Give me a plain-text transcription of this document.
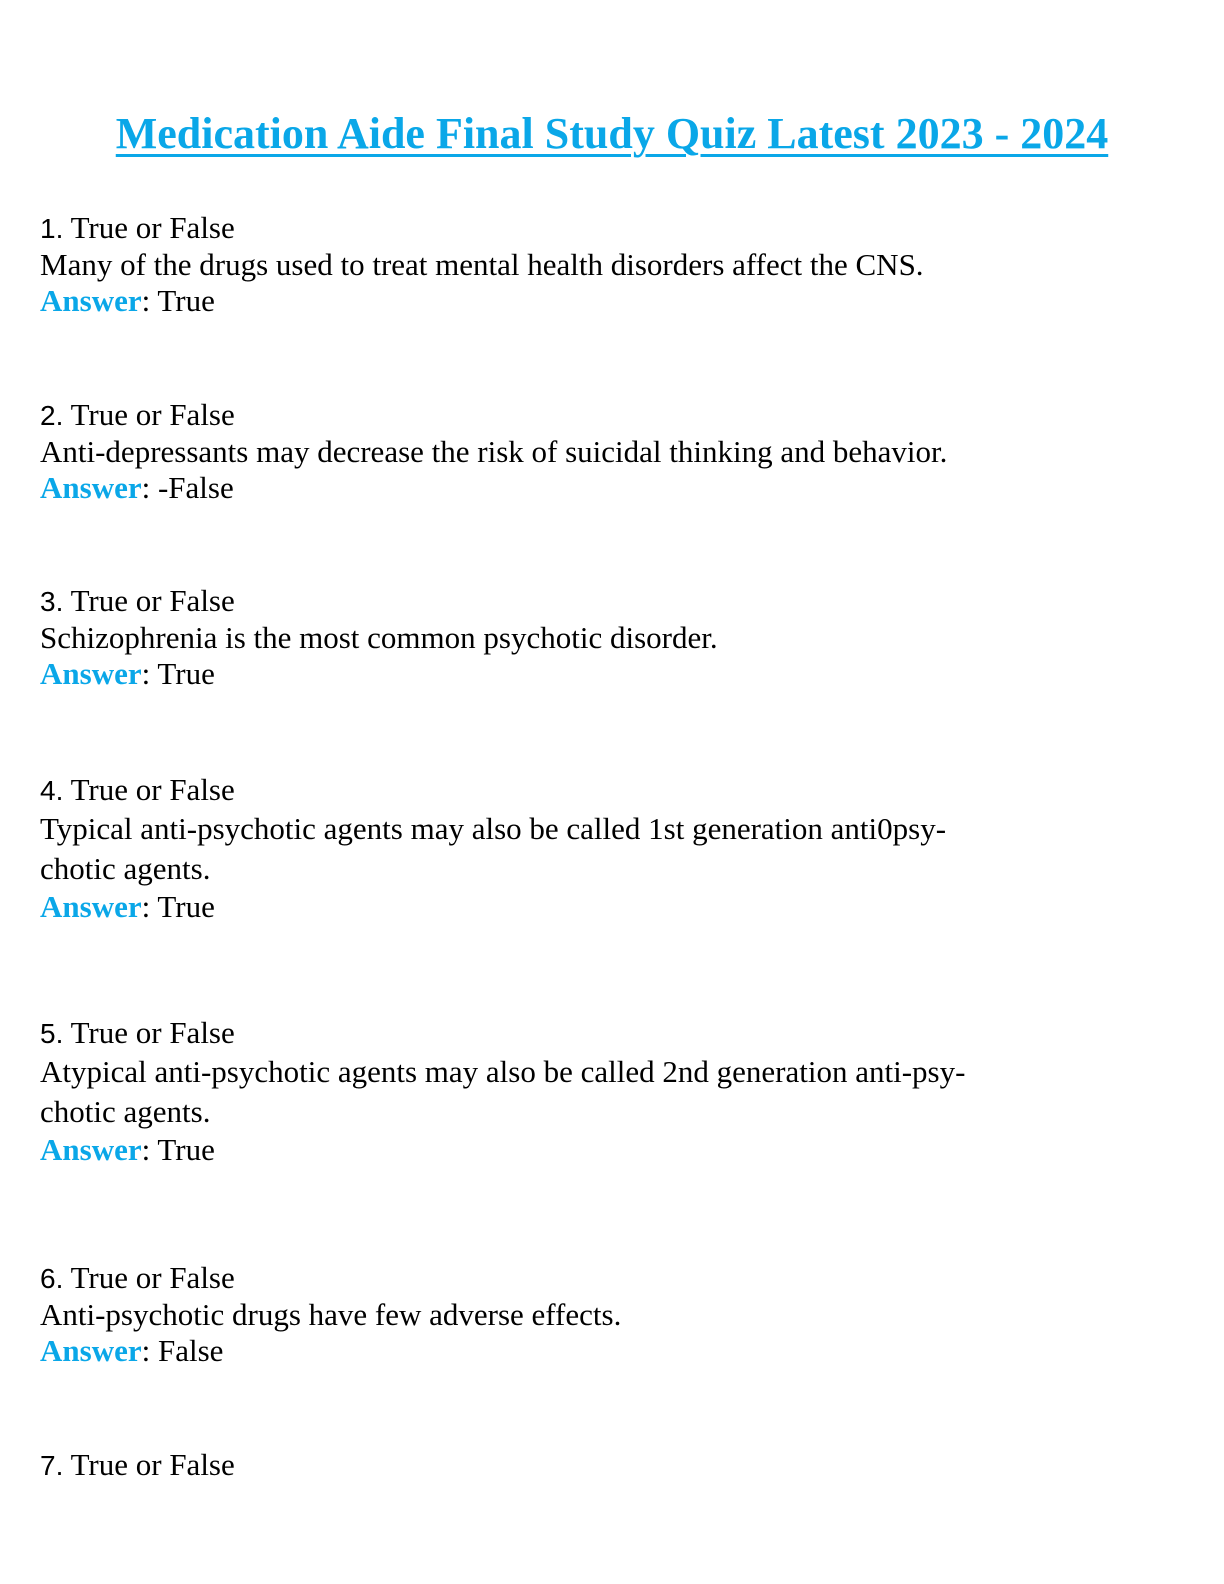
Medication Aide Final Study Quiz Latest 2023 - 2024
1. True or False
Many of the drugs used to treat mental health disorders affect the CNS.
Answer: True
2. True or False
Anti-depressants may decrease the risk of suicidal thinking and behavior.
Answer: -False
3. True or False
Schizophrenia is the most common psychotic disorder.
Answer: True
4. True or False
Typical anti-psychotic agents may also be called 1st generation anti0psy-
chotic agents.
Answer: True
5. True or False
Atypical anti-psychotic agents may also be called 2nd generation anti-psy-
chotic agents.
Answer: True
6. True or False
Anti-psychotic drugs have few adverse effects.
Answer: False
7. True or False
